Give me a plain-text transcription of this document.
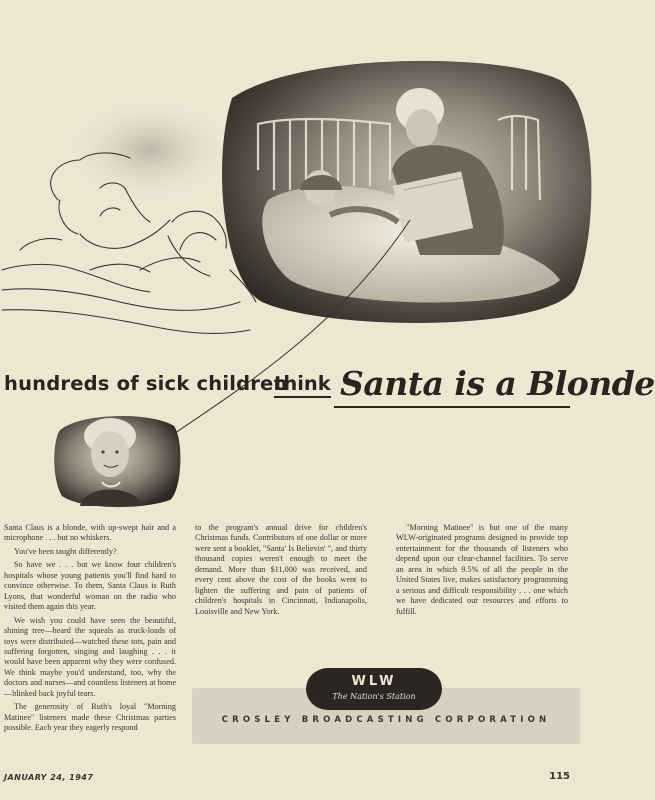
hundreds of sick children
think Santa is a Blonde

Santa Claus is a blonde, with up-swept hair and a microphone . . . but no whiskers.

You've been taught differently?

So have we . . . but we know four children's hospitals whose young patients you'll find hard to convince otherwise. To them, Santa Claus is Ruth Lyons, that wonderful woman on the radio who visited them again this year.

We wish you could have seen the beautiful, shining tree—heard the squeals as truck-loads of toys were distributed—watched these tots, pain and suffering forgotten, singing and laughing . . . it would have been apparent why they were confused. We think maybe you'd understand, too, why the doctors and nurses—and countless listeners at home—blinked back joyful tears.

The generosity of Ruth's loyal "Morning Matinee" listeners made these Christmas parties possible. Each year they eagerly respond

to the program's annual drive for children's Christmas funds. Contributors of one dollar or more were sent a booklet, "Santa' Is Believin' ", and thirty thousand copies weren't enough to meet the demand. More than $11,000 was received, and every cent above the cost of the books went to lighten the suffering and pain of patients of children's hospitals in Cincinnati, Indianapolis, Louisville and New York.

"Morning Matinee" is but one of the many WLW-originated programs designed to provide top entertainment for the thousands of listeners who depend upon our clear-channel facilities. To serve an area in which 9.5% of all the people in the United States live, makes satisfactory programming a serious and difficult responsibility . . . one which we have dedicated our resources and efforts to fulfill.

CROSLEY BROADCASTING CORPORATION
WLW
The Nation's Station
JANUARY 24, 1947	115
